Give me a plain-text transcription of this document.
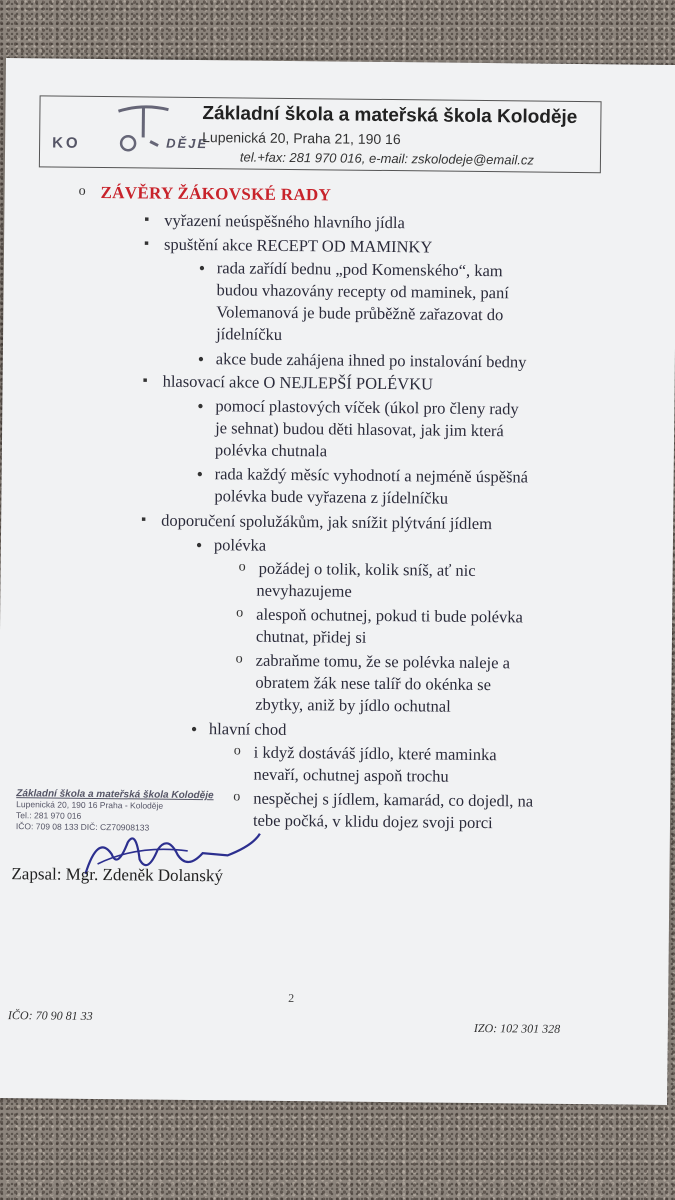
KO	DĚJE
Základní škola a mateřská škola Koloděje
Lupenická 20, Praha 21, 190 16
tel.+fax: 281 970 016, e-mail: zskolodeje@email.cz
o ZÁVĚRY ŽÁKOVSKÉ RADY
▪ vyřazení neúspěšného hlavního jídla
▪ spuštění akce RECEPT OD MAMINKY
• rada zařídí bednu „pod Komenského“, kam
budou vhazovány recepty od maminek, paní
Volemanová je bude průběžně zařazovat do
jídelníčku
• akce bude zahájena ihned po instalování bedny
▪ hlasovací akce O NEJLEPŠÍ POLÉVKU
• pomocí plastových víček (úkol pro členy rady
je sehnat) budou děti hlasovat, jak jim která
polévka chutnala
• rada každý měsíc vyhodnotí a nejméně úspěšná
polévka bude vyřazena z jídelníčku
▪ doporučení spolužákům, jak snížit plýtvání jídlem
• polévka
o požádej o tolik, kolik sníš, ať nic
nevyhazujeme
o alespoň ochutnej, pokud ti bude polévka
chutnat, přidej si
o zabraňme tomu, že se polévka naleje a
obratem žák nese talíř do okénka se
zbytky, aniž by jídlo ochutnal
• hlavní chod
o i když dostáváš jídlo, které maminka
nevaří, ochutnej aspoň trochu
o nespěchej s jídlem, kamarád, co dojedl, na
tebe počká, v klidu dojez svoji porci
Základní škola a mateřská škola Koloděje
Lupenická 20, 190 16 Praha - Koloděje
Tel.: 281 970 016
IČO: 709 08 133 DIČ: CZ70908133
Zapsal: Mgr. Zdeněk Dolanský
2
IČO: 70 90 81 33
IZO: 102 301 328
